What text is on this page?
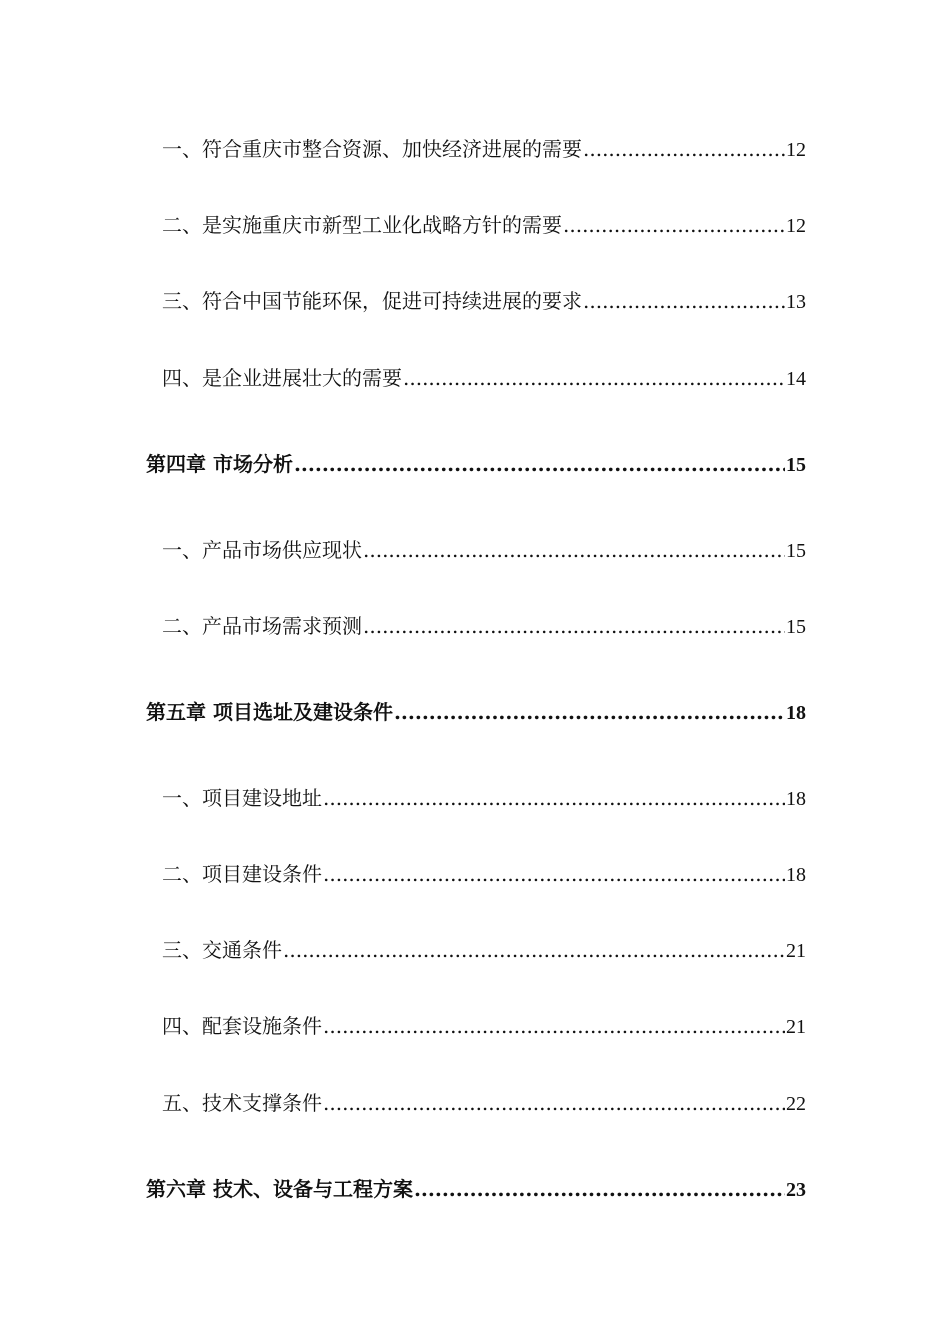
一、符合重庆市整合资源、加快经济进展的需要 .....	12
二、是实施重庆市新型工业化战略方针的需要 .....	12
三、符合中国节能环保，促进可持续进展的要求 .....	13
四、是企业进展壮大的需要 .....	14
第四章 市场分析 .....	15
一、产品市场供应现状 .....	15
二、产品市场需求预测 .....	15
第五章 项目选址及建设条件 .....	18
一、项目建设地址 .....	18
二、项目建设条件 .....	18
三、交通条件 .....	21
四、配套设施条件 .....	21
五、技术支撑条件 .....	22
第六章 技术、设备与工程方案 .....	23
